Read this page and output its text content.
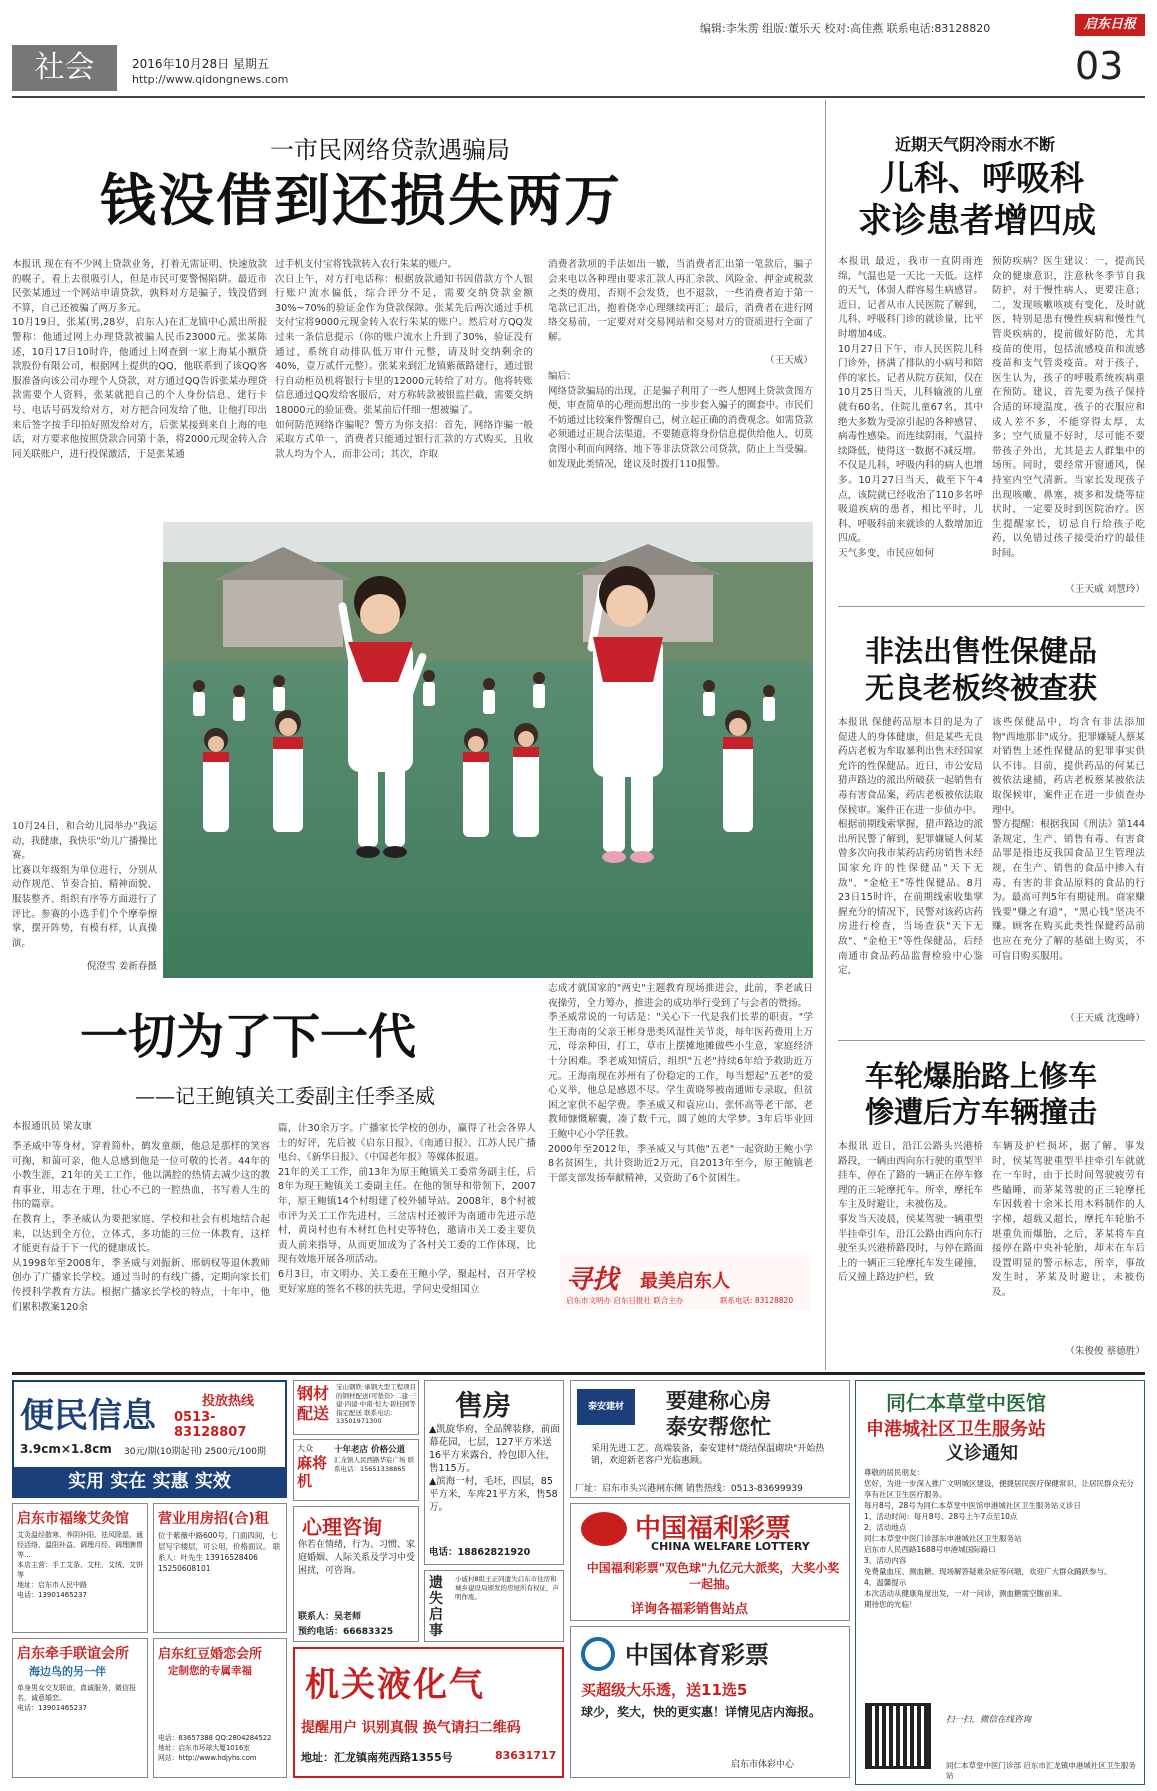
编辑:李朱雳 组版:董乐天 校对:高佳燕 联系电话:83128820	启东日报
社会	2016年10月28日 星期五
http://www.qidongnews.com	03
一市民网络贷款遇骗局
钱没借到还损失两万
本报讯 现在有不少网上贷款业务，打着无需证明、快速放款的幌子，看上去很吸引人，但是市民可要警惕陷阱。最近市民张某通过一个网站申请贷款，孰料对方是骗子，钱没借到不算，自己还被骗了两万多元。
10月19日，张某(男,28岁，启东人)在汇龙镇中心派出所报警称：他通过网上办理贷款被骗人民币23000元。张某陈述，10月17日10时许，他通过上网查到一家上海某小额贷款股份有限公司，根据网上提供的QQ，他联系到了该QQ客服准备向该公司办理个人贷款，对方通过QQ告诉张某办理贷款需要个人资料，张某就把自己的个人身份信息、建行卡号、电话号码发给对方，对方把合同发给了他，让他打印出来后签字按手印拍好照发给对方，后张某接到来自上海的电话，对方要求他按照贷款合同第十条，将2000元现金转入合同关联账户，进行投保激活，于是张某通
过手机支付宝将钱款转入农行朱某的账户。
次日上午，对方打电话称：根据放款通知书因借款方个人银行账户流水偏低，综合评分不足，需要交纳贷款金额30%~70%的验证金作为贷款保障。张某先后两次通过手机支付宝将9000元现金转入农行朱某的账户。然后对方QQ发过来一条信息提示（你的账户流水上升到了30%，验证没有通过，系统自动排队低万审什元整，请及时交纳剩余的40%，壹万贰仟元整）。张某来到汇龙镇紫薇路建行，通过银行自动柜员机将银行卡里的12000元转给了对方。他将转账信息通过QQ发给客服后，对方称转款被银监拦截，需要交纳18000元的验证费。张某前后仟细一想被骗了。
如何防范网络诈骗呢？警方为你支招：首先，网络诈骗一般采取方式单一，消费者只能通过银行汇款的方式购买，且收款人均为个人，而非公司；其次，诈取
消费者款项的手法如出一辙，当消费者汇出第一笔款后，骗子会来电以各种理由要求汇款人再汇余款、风险金、押金或税款之类的费用，否则不会发货，也不退款，一些消费者迫于第一笔款已汇出，抱着侥幸心理继续再汇；最后，消费者在进行网络交易前，一定要对对交易网站和交易对方的资质进行全面了解。
（王天威）
编后：
网络贷款骗局的出现，正是骗子利用了一些人想网上贷款贪图方便，审查简单的心理而想出的一步步套入骗子的圈套中。市民们不妨通过比较案件警醒自己，树立起正确的消费观念。如需贷款必须通过正规合法渠道，不要随意将身份信息提供给他人，切莫贪图小利而向网络、地下等非法贷款公司贷款，防止上当受骗。如发现此类情况，建议及时拨打110报警。
近期天气阴冷雨水不断
儿科、呼吸科
求诊患者增四成
本报讯 最近，我市一直阴雨连绵，气温也是一天比一天低。这样的天气，体弱人群容易生病感冒。近日，记者从市人民医院了解到，儿科、呼吸科门诊的就诊量，比平时增加4成。
10月27日下午，市人民医院儿科门诊外，挤满了排队的小病号和陪伴的家长。记者从院方获知，仅在10月25日当天，儿科输液的儿童就有60名，住院儿童67名，其中绝大多数为受凉引起的各种感冒、病毒性感染。而连续阴雨，气温持续降低，使得这一数据不减反增。
不仅是儿科，呼吸内科的病人也增多。10月27日当天，截至下午4点，该院就已经收治了110多名呼吸道疾病的患者，相比平时，儿科、呼吸科前来就诊的人数增加近四成。
天气多变，市民应如何
预防疾病？医生建议：一，提高民众的健康意识，注意秋冬季节自我防护，对于慢性病人，更要注意；二，发现咳嗽咳痰有变化，及时就医，特别是患有慢性疾病和慢性气管炎疾病的，提前做好防范，尤其疫苗的使用，包括流感疫苗和流感疫苗和支气管炎疫苗。对于孩子，医生认为，孩子的呼吸系统疾病重在预防。建议，首先要为孩子保持合适的环境温度，孩子的衣服应和成人差不多，不能穿得太厚，太多；空气质量不好时，尽可能不要带孩子外出，尤其是去人群集中的场所。同时，要经常开窗通风，保持室内空气清新。当家长发现孩子出现咳嗽、鼻塞，痰多和发烧等症状时，一定要及时到医院治疗。医生提醒家长，切忌自行给孩子吃药，以免错过孩子接受治疗的最佳时间。
（王天威 刘慧玲）
非法出售性保健品
无良老板终被查获
本报讯 保健药品原本目的是为了促进人的身体健康，但是某些无良药店老板为牟取暴利出售未经国家允许的性保健品。近日，市公安局猎声路边的派出所破获一起销售有毒有害食品案，药店老板被依法取保候审。案件正在进一步侦办中。
根据前期线索掌握，猎声路边的派出所民警了解到，犯罪嫌疑人何某曾多次向我市某药店药房销售未经国家允许的性保健品"天下无敌"、"金枪王"等性保健品。8月23日15时许，在前期线索收集掌握充分的情况下，民警对该药店药房进行检查，当场查获"天下无敌"、"金枪王"等性保健品，后经南通市食品药品监督检验中心鉴定，
该些保健品中，均含有非法添加物"西地那非"成分。犯罪嫌疑人蔡某对销售上述性保健品的犯罪事实供认不讳。目前，提供药品的何某已被依法逮捕，药店老板蔡某被依法取保候审，案件正在进一步侦查办理中。
警方提醒：根据我国《刑法》第144条规定，生产、销售有毒、有害食品罪是指违反我国食品卫生管理法规，在生产、销售的食品中掺入有毒、有害的非食品原料的食品的行为。最高可判5年有期徒刑。商家赚钱要"赚之有道"，"黑心钱"坚决不赚。顾客在购买此类性保健药品前也应在充分了解的基础上购买，不可盲目购买服用。
（王天威 沈逸峰）
车轮爆胎路上修车
惨遭后方车辆撞击
本报讯 近日，沿江公路头兴港桥路段，一辆由西向东行驶的重型半挂车，停在了路的一辆正在停车修理的正三轮摩托车。所幸，摩托车车主及时避让，未被伤及。
事发当天凌晨，侯某驾驶一辆重型半挂牵引车，沿江公路由西向东行驶至头兴港桥路段时，与停在路面上的一辆正三轮摩托车发生碰撞，后又撞上路边护栏，致
车辆及护栏损坏，据了解，事发时，侯某驾驶重型半挂牵引车就就在一车时，由于长时间驾驶疲劳有些瞌睡，而茅某驾驶的正三轮摩托车因载着十余米长用木料制作的人字梯，超载又超长，摩托车轮胎不堪重负而爆胎，之后，茅某将车直接停在路中央补轮胎，却未在车后设置明显的警示标志，所幸，事故发生时，茅某及时避让，未被伤及。
（朱俊俊 蔡德胜）
10月24日，和合幼儿园举办"我运动，我健康，我快乐"幼儿广播操比赛。
比赛以年级组为单位进行，分别从动作规范、节奏合拍、精神面貌、服装整齐、组织有序等方面进行了评比。参赛的小选手们个个摩拳擦掌，摆开阵势，有模有样，认真操演。
倪澄雪 姜新春摄
一切为了下一代
——记王鲍镇关工委副主任季圣威
本报通讯员 梁友康
季圣威中等身材，穿着简朴，鹤发童颜，他总是那样的笑容可掬，和蔼可亲，他人总感到他是一位可敬的长者。44年的小教生涯，21年的关工工作，他以满腔的热情去减少这的教育事业，用志在于理，壮心不已的一腔热血，书写着人生的伟的篇章。
在教育上，季圣威认为要把家庭、学校和社会有机地结合起来，以达到全方位，立体式，多功能的三位一体教育，这样才能更有益于下一代的健康成长。
从1998年至2008年，季圣威与刘振新、邢炳权等退休教师创办了广播家长学校。通过当时的有线广播，定期向家长们传授科学教育方法。根据广播家长学校的特点，十年中，他们累积教案120余
篇，计30余万字。广播家长学校的创办，赢得了社会各界人士的好评，先后被《启东日报》、《南通日报》、江苏人民广播电台、《新华日报》、《中国老年报》等媒体报道。
21年的关工工作，前13年为原王鲍镇关工委常务副主任，后8年为现王鲍镇关工委副主任。在他的领导和带领下，2007年，原王鲍镇14个村组建了校外辅导站。2008年，8个村被市评为关工工作先进村，三岔店村还被评为南通市先进示范村，黄岗村也有木材红色村史等特色，邀请市关工委主要负责人前来指导，从而更加成为了各村关工委的工作体现，比现有效地开展各项活动。
6月3日，市文明办、关工委在王鲍小学，聚起村，召开学校更好家庭的签名不移的扶先进，学问史受组国立
志成才就国家的"两史"主题教育现场推进会，此前，季老戚日夜操劳，全力筹办，推进会的成功举行受到了与会者的赞扬。
季圣威常说的一句话是："关心下一代是我们长辈的职责。"学生王海南的父亲王彬身患类风湿性关节炎，每年医药费用上万元，母亲种田，打工，草市上摆摊地摊做些小生意，家庭经济十分困难。季老威知情后，组织"五老"持续6年给予救助近万元。王海南现在苏州有了份稳定的工作，每当想起"五老"的爱心义举，他总是感恩不尽。学生黄晓琴被南通师专录取，但贫困之家供不起学费。季圣威又和袁应山、张怀高等老干部、老教师慷慨解囊，凑了数千元，圆了她的大学梦。3年后毕业回王鲍中心小学任教。
2000年至2012年，季圣威又与其他"五老"一起资助王鲍小学8名贫困生，共计资助近2万元，自2013年至今，原王鲍镇老干部支部发扬奉献精神，又资助了6个贫困生。
寻找 最美启东人
启东市文明办 启东日报社 联合主办	联系电话: 83128820
便民信息	投放热线
0513-83128807
3.9cm×1.8cm 30元/期(10期起刊) 2500元/100期
实用 实在 实惠 实效
钢材配送
宝山钢铁·承钢大型工程项目的钢材配送(可垫资)·二建·三建·四建·中南·恒大·碧桂园等指定配送 联系电话：13501971300
大众
麻将机
十年老店 价格公道
汇龙镇人民西路华宸广场 联系电话：15651338865
售房
▲凯旋华府，全品牌装修，前面幕花园，七层，127平方米送16平方米露台，拎包即入住，售115万。
▲滨海一村，毛坯，四层，85平方米，车库21平方米，售58万。
电话：18862821920
泰安建材	要建称心房
泰安帮您忙
采用先进工艺、高端装备，泰安建材"烧结保温砌块"开始热销，欢迎新老客户光临惠顾。
厂址：启东市头兴港闸东侧 销售热线：0513-83699939
同仁本草堂中医馆
申港城社区卫生服务站
义诊通知
尊敬的居民朋友：
您好，为进一步深入推广文明城区建设，便捷居民医疗保健常识，让居民群众充分享有社区卫生医疗服务。
每月8号，28号为同仁本草堂中医馆申港城社区卫生服务站义诊日
1、活动时间：每月8号、28号上午7点至10点
2、活动地点
同仁本草堂中医门诊部东申港城社区卫生服务站
启东市人民西路1688号申港城国际路口
3、活动内容
免费量血压、测血糖、现场解答疑难杂症等问题，欢迎广大群众踊跃参与。
4、温馨提示
本次活动从健康角度出发，一对一问诊，测血糖需空腹前来。
期待您的光临！
扫一扫，微信在线咨询
同仁本草堂中医门诊部 启东市汇龙镇申港城社区卫生服务站
启东市福缘艾灸馆
艾灸温经散寒、养阴补阳、祛风除湿、通经活络、温阳补益、调理月经、调理脾胃等...
本店主营：手工艾条、艾柱、艾绒、艾饼等
地址：启东市人民中路
电话：13901465237
营业用房招(合)租
位于紫薇中路600号，门面四间，七层写字楼层，可公用，价格面议。 联系人：叶先生 13916528406 15250608101
心理咨询
你若在情绪，行为、习惯、家庭婚姻、人际关系及学习中受困扰，可咨询。
联系人：吴老师
预约电话：66683325
遗失启事
小戚村8组王正同遗失启东市住房和城乡建设局颁发的房屋所有权证，声明作废。
中国福利彩票
CHINA WELFARE LOTTERY
中国福利彩票"双色球"九亿元大派奖，大奖小奖一起抽。
详询各福彩销售站点
启东牵手联谊会所
海边鸟的另一伴
单身男女交友联谊，真诚服务，微信报名，诚意婚恋。
电话：13901465237
启东红豆婚恋会所
定制您的专属幸福
电话：83657388 QQ:2804284522
地址：启东市环球大厦1016室
网站：http://www.hdjyhs.com
机关液化气
提醒用户 识别真假 换气请扫二维码
地址：汇龙镇南苑西路1355号	83631717
中国体育彩票
买超级大乐透，送11选5
球少，奖大，快的更实惠！详情见店内海报。
启东市体彩中心
